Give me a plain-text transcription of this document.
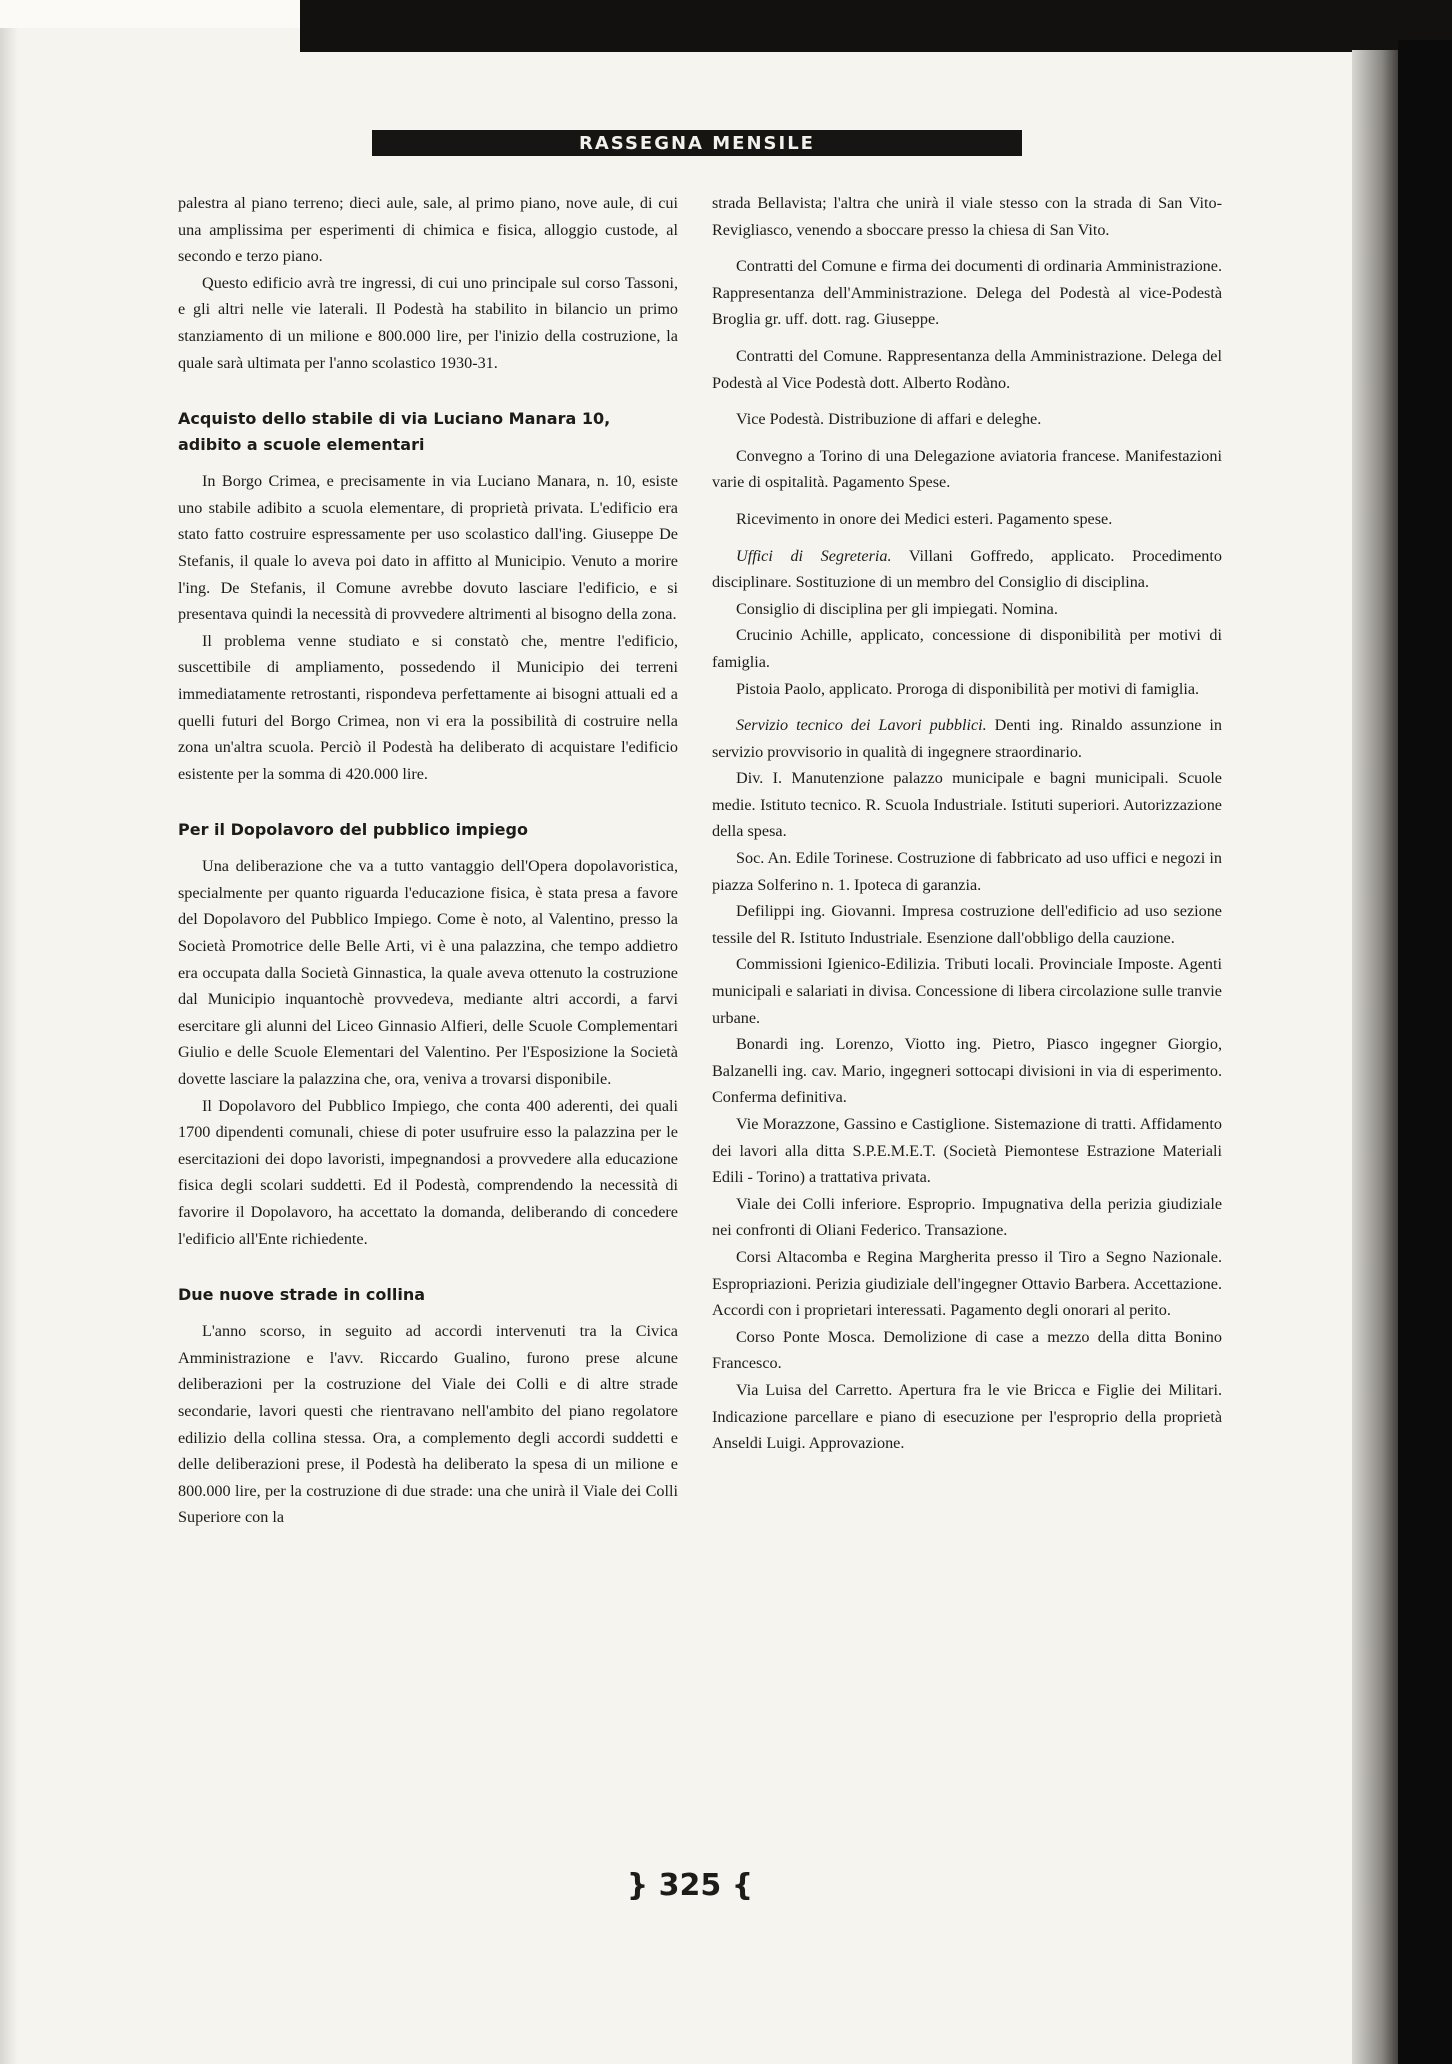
RASSEGNA MENSILE

palestra al piano terreno; dieci aule, sale, al primo piano, nove aule, di cui una amplissima per esperimenti di chimica e fisica, alloggio custode, al secondo e terzo piano.

Questo edificio avrà tre ingressi, di cui uno principale sul corso Tassoni, e gli altri nelle vie laterali. Il Podestà ha stabilito in bilancio un primo stanziamento di un milione e 800.000 lire, per l'inizio della costruzione, la quale sarà ultimata per l'anno scolastico 1930-31.

Acquisto dello stabile di via Luciano Manara 10, adibito a scuole elementari

In Borgo Crimea, e precisamente in via Luciano Manara, n. 10, esiste uno stabile adibito a scuola elementare, di proprietà privata. L'edificio era stato fatto costruire espressamente per uso scolastico dall'ing. Giuseppe De Stefanis, il quale lo aveva poi dato in affitto al Municipio. Venuto a morire l'ing. De Stefanis, il Comune avrebbe dovuto lasciare l'edificio, e si presentava quindi la necessità di provvedere altrimenti al bisogno della zona.

Il problema venne studiato e si constatò che, mentre l'edificio, suscettibile di ampliamento, possedendo il Municipio dei terreni immediatamente retrostanti, rispondeva perfettamente ai bisogni attuali ed a quelli futuri del Borgo Crimea, non vi era la possibilità di costruire nella zona un'altra scuola. Perciò il Podestà ha deliberato di acquistare l'edificio esistente per la somma di 420.000 lire.

Per il Dopolavoro del pubblico impiego

Una deliberazione che va a tutto vantaggio dell'Opera dopolavoristica, specialmente per quanto riguarda l'educazione fisica, è stata presa a favore del Dopolavoro del Pubblico Impiego. Come è noto, al Valentino, presso la Società Promotrice delle Belle Arti, vi è una palazzina, che tempo addietro era occupata dalla Società Ginnastica, la quale aveva ottenuto la costruzione dal Municipio inquantochè provvedeva, mediante altri accordi, a farvi esercitare gli alunni del Liceo Ginnasio Alfieri, delle Scuole Complementari Giulio e delle Scuole Elementari del Valentino. Per l'Esposizione la Società dovette lasciare la palazzina che, ora, veniva a trovarsi disponibile.

Il Dopolavoro del Pubblico Impiego, che conta 400 aderenti, dei quali 1700 dipendenti comunali, chiese di poter usufruire esso la palazzina per le esercitazioni dei dopo lavoristi, impegnandosi a provvedere alla educazione fisica degli scolari suddetti. Ed il Podestà, comprendendo la necessità di favorire il Dopolavoro, ha accettato la domanda, deliberando di concedere l'edificio all'Ente richiedente.

Due nuove strade in collina

L'anno scorso, in seguito ad accordi intervenuti tra la Civica Amministrazione e l'avv. Riccardo Gualino, furono prese alcune deliberazioni per la costruzione del Viale dei Colli e di altre strade secondarie, lavori questi che rientravano nell'ambito del piano regolatore edilizio della collina stessa. Ora, a complemento degli accordi suddetti e delle deliberazioni prese, il Podestà ha deliberato la spesa di un milione e 800.000 lire, per la costruzione di due strade: una che unirà il Viale dei Colli Superiore con la

strada Bellavista; l'altra che unirà il viale stesso con la strada di San Vito-Revigliasco, venendo a sboccare presso la chiesa di San Vito.

Contratti del Comune e firma dei documenti di ordinaria Amministrazione. Rappresentanza dell'Amministrazione. Delega del Podestà al vice-Podestà Broglia gr. uff. dott. rag. Giuseppe.

Contratti del Comune. Rappresentanza della Amministrazione. Delega del Podestà al Vice Podestà dott. Alberto Rodàno.

Vice Podestà. Distribuzione di affari e deleghe.

Convegno a Torino di una Delegazione aviatoria francese. Manifestazioni varie di ospitalità. Pagamento Spese.

Ricevimento in onore dei Medici esteri. Pagamento spese.

Uffici di Segreteria. Villani Goffredo, applicato. Procedimento disciplinare. Sostituzione di un membro del Consiglio di disciplina.

Consiglio di disciplina per gli impiegati. Nomina.

Crucinio Achille, applicato, concessione di disponibilità per motivi di famiglia.

Pistoia Paolo, applicato. Proroga di disponibilità per motivi di famiglia.

Servizio tecnico dei Lavori pubblici. Denti ing. Rinaldo assunzione in servizio provvisorio in qualità di ingegnere straordinario.

Div. I. Manutenzione palazzo municipale e bagni municipali. Scuole medie. Istituto tecnico. R. Scuola Industriale. Istituti superiori. Autorizzazione della spesa.

Soc. An. Edile Torinese. Costruzione di fabbricato ad uso uffici e negozi in piazza Solferino n. 1. Ipoteca di garanzia.

Defilippi ing. Giovanni. Impresa costruzione dell'edificio ad uso sezione tessile del R. Istituto Industriale. Esenzione dall'obbligo della cauzione.

Commissioni Igienico-Edilizia. Tributi locali. Provinciale Imposte. Agenti municipali e salariati in divisa. Concessione di libera circolazione sulle tranvie urbane.

Bonardi ing. Lorenzo, Viotto ing. Pietro, Piasco ingegner Giorgio, Balzanelli ing. cav. Mario, ingegneri sottocapi divisioni in via di esperimento. Conferma definitiva.

Vie Morazzone, Gassino e Castiglione. Sistemazione di tratti. Affidamento dei lavori alla ditta S.P.E.M.E.T. (Società Piemontese Estrazione Materiali Edili - Torino) a trattativa privata.

Viale dei Colli inferiore. Esproprio. Impugnativa della perizia giudiziale nei confronti di Oliani Federico. Transazione.

Corsi Altacomba e Regina Margherita presso il Tiro a Segno Nazionale. Espropriazioni. Perizia giudiziale dell'ingegner Ottavio Barbera. Accettazione. Accordi con i proprietari interessati. Pagamento degli onorari al perito.

Corso Ponte Mosca. Demolizione di case a mezzo della ditta Bonino Francesco.

Via Luisa del Carretto. Apertura fra le vie Bricca e Figlie dei Militari. Indicazione parcellare e piano di esecuzione per l'esproprio della proprietà Anseldi Luigi. Approvazione.

} 325 {
